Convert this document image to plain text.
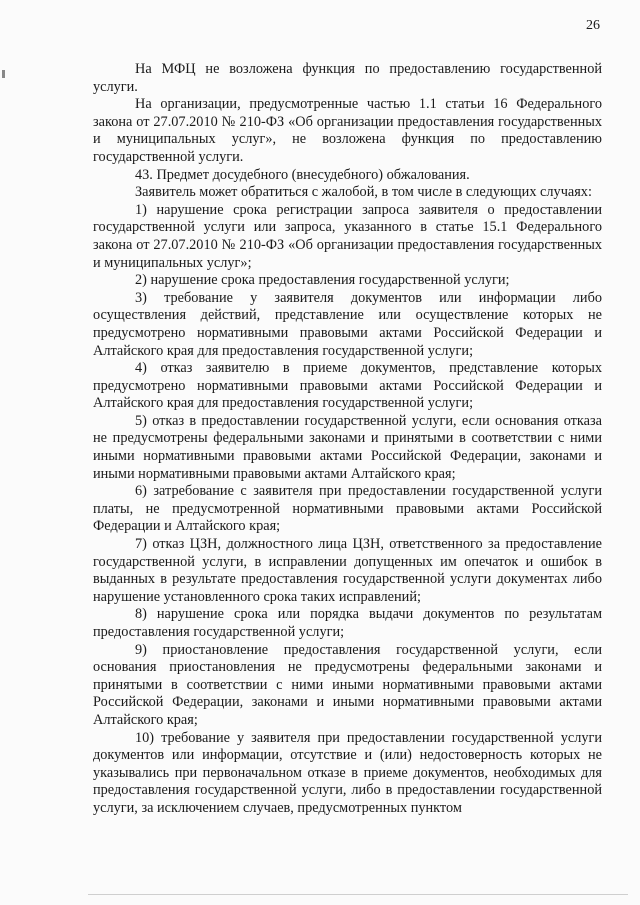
26

На МФЦ не возложена функция по предоставлению государственной услуги.

На организации, предусмотренные частью 1.1 статьи 16 Федерального закона от 27.07.2010 № 210-ФЗ «Об организации предоставления государственных и муниципальных услуг», не возложена функция по предоставлению государственной услуги.

43. Предмет досудебного (внесудебного) обжалования.

Заявитель может обратиться с жалобой, в том числе в следующих случаях:

1) нарушение срока регистрации запроса заявителя о предоставлении государственной услуги или запроса, указанного в статье 15.1 Федерального закона от 27.07.2010 № 210-ФЗ «Об организации предоставления государственных и муниципальных услуг»;

2) нарушение срока предоставления государственной услуги;

3) требование у заявителя документов или информации либо осуществления действий, представление или осуществление которых не предусмотрено нормативными правовыми актами Российской Федерации и Алтайского края для предоставления государственной услуги;

4) отказ заявителю в приеме документов, представление которых предусмотрено нормативными правовыми актами Российской Федерации и Алтайского края для предоставления государственной услуги;

5) отказ в предоставлении государственной услуги, если основания отказа не предусмотрены федеральными законами и принятыми в соответствии с ними иными нормативными правовыми актами Российской Федерации, законами и иными нормативными правовыми актами Алтайского края;

6) затребование с заявителя при предоставлении государственной услуги платы, не предусмотренной нормативными правовыми актами Российской Федерации и Алтайского края;

7) отказ ЦЗН, должностного лица ЦЗН, ответственного за предоставление государственной услуги, в исправлении допущенных им опечаток и ошибок в выданных в результате предоставления государственной услуги документах либо нарушение установленного срока таких исправлений;

8) нарушение срока или порядка выдачи документов по результатам предоставления государственной услуги;

9) приостановление предоставления государственной услуги, если основания приостановления не предусмотрены федеральными законами и принятыми в соответствии с ними иными нормативными правовыми актами Российской Федерации, законами и иными нормативными правовыми актами Алтайского края;

10) требование у заявителя при предоставлении государственной услуги документов или информации, отсутствие и (или) недостоверность которых не указывались при первоначальном отказе в приеме документов, необходимых для предоставления государственной услуги, либо в предоставлении государственной услуги, за исключением случаев, предусмотренных пунктом
